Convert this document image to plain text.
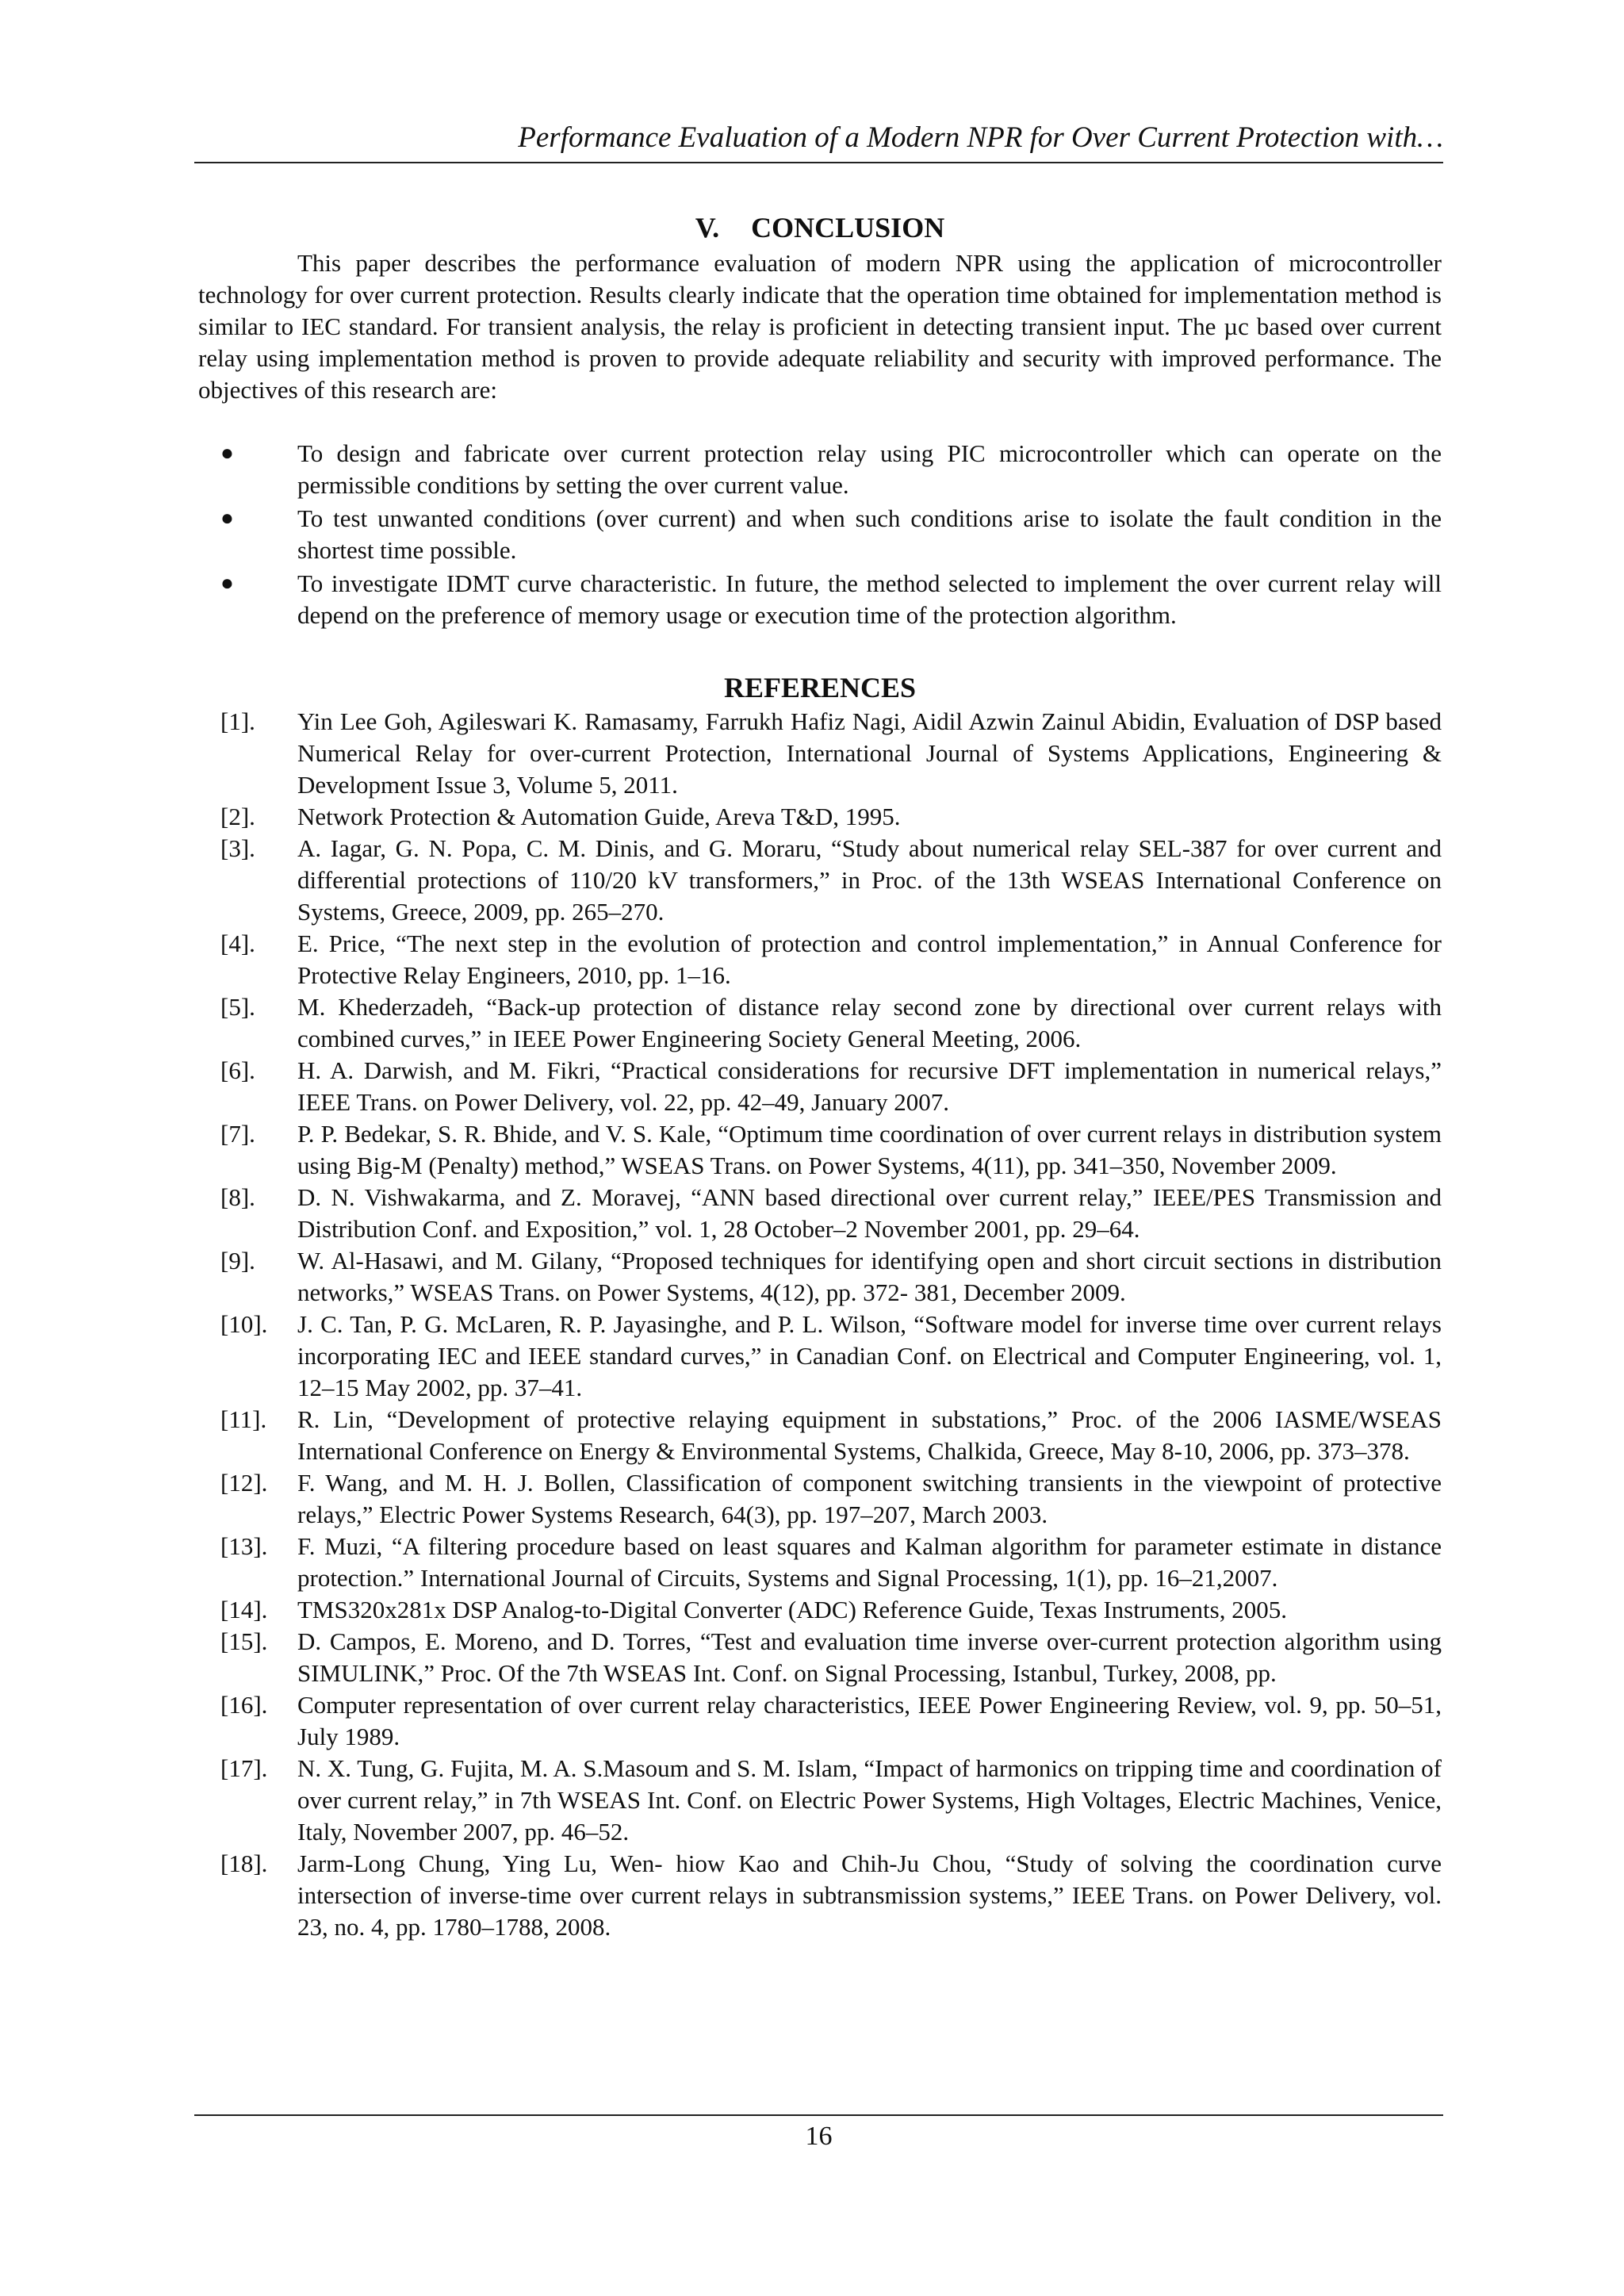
Performance Evaluation of a Modern NPR for Over Current Protection with…
V. CONCLUSION

This paper describes the performance evaluation of modern NPR using the application of microcontroller technology for over current protection. Results clearly indicate that the operation time obtained for implementation method is similar to IEC standard. For transient analysis, the relay is proficient in detecting transient input. The µc based over current relay using implementation method is proven to provide adequate reliability and security with improved performance. The objectives of this research are:

●	To design and fabricate over current protection relay using PIC microcontroller which can operate on the permissible conditions by setting the over current value.
●	To test unwanted conditions (over current) and when such conditions arise to isolate the fault condition in the shortest time possible.
●	To investigate IDMT curve characteristic. In future, the method selected to implement the over current relay will depend on the preference of memory usage or execution time of the protection algorithm.
REFERENCES
[1]. Yin Lee Goh, Agileswari K. Ramasamy, Farrukh Hafiz Nagi, Aidil Azwin Zainul Abidin, Evaluation of DSP based Numerical Relay for over-current Protection, International Journal of Systems Applications, Engineering & Development Issue 3, Volume 5, 2011.
[2]. Network Protection & Automation Guide, Areva T&D, 1995.
[3]. A. Iagar, G. N. Popa, C. M. Dinis, and G. Moraru, “Study about numerical relay SEL-387 for over current and differential protections of 110/20 kV transformers,” in Proc. of the 13th WSEAS International Conference on Systems, Greece, 2009, pp. 265–270.
[4]. E. Price, “The next step in the evolution of protection and control implementation,” in Annual Conference for Protective Relay Engineers, 2010, pp. 1–16.
[5]. M. Khederzadeh, “Back-up protection of distance relay second zone by directional over current relays with combined curves,” in IEEE Power Engineering Society General Meeting, 2006.
[6]. H. A. Darwish, and M. Fikri, “Practical considerations for recursive DFT implementation in numerical relays,” IEEE Trans. on Power Delivery, vol. 22, pp. 42–49, January 2007.
[7]. P. P. Bedekar, S. R. Bhide, and V. S. Kale, “Optimum time coordination of over current relays in distribution system using Big-M (Penalty) method,” WSEAS Trans. on Power Systems, 4(11), pp. 341–350, November 2009.
[8]. D. N. Vishwakarma, and Z. Moravej, “ANN based directional over current relay,” IEEE/PES Transmission and Distribution Conf. and Exposition,” vol. 1, 28 October–2 November 2001, pp. 29–64.
[9]. W. Al-Hasawi, and M. Gilany, “Proposed techniques for identifying open and short circuit sections in distribution networks,” WSEAS Trans. on Power Systems, 4(12), pp. 372- 381, December 2009.
[10]. J. C. Tan, P. G. McLaren, R. P. Jayasinghe, and P. L. Wilson, “Software model for inverse time over current relays incorporating IEC and IEEE standard curves,” in Canadian Conf. on Electrical and Computer Engineering, vol. 1, 12–15 May 2002, pp. 37–41.
[11]. R. Lin, “Development of protective relaying equipment in substations,” Proc. of the 2006 IASME/WSEAS International Conference on Energy & Environmental Systems, Chalkida, Greece, May 8-10, 2006, pp. 373–378.
[12]. F. Wang, and M. H. J. Bollen, Classification of component switching transients in the viewpoint of protective relays,” Electric Power Systems Research, 64(3), pp. 197–207, March 2003.
[13]. F. Muzi, “A filtering procedure based on least squares and Kalman algorithm for parameter estimate in distance protection.” International Journal of Circuits, Systems and Signal Processing, 1(1), pp. 16–21,2007.
[14]. TMS320x281x DSP Analog-to-Digital Converter (ADC) Reference Guide, Texas Instruments, 2005.
[15]. D. Campos, E. Moreno, and D. Torres, “Test and evaluation time inverse over-current protection algorithm using SIMULINK,” Proc. Of the 7th WSEAS Int. Conf. on Signal Processing, Istanbul, Turkey, 2008, pp.
[16]. Computer representation of over current relay characteristics, IEEE Power Engineering Review, vol. 9, pp. 50–51, July 1989.
[17]. N. X. Tung, G. Fujita, M. A. S.Masoum and S. M. Islam, “Impact of harmonics on tripping time and coordination of over current relay,” in 7th WSEAS Int. Conf. on Electric Power Systems, High Voltages, Electric Machines, Venice, Italy, November 2007, pp. 46–52.
[18]. Jarm-Long Chung, Ying Lu, Wen- hiow Kao and Chih-Ju Chou, “Study of solving the coordination curve intersection of inverse-time over current relays in subtransmission systems,” IEEE Trans. on Power Delivery, vol. 23, no. 4, pp. 1780–1788, 2008.
16
